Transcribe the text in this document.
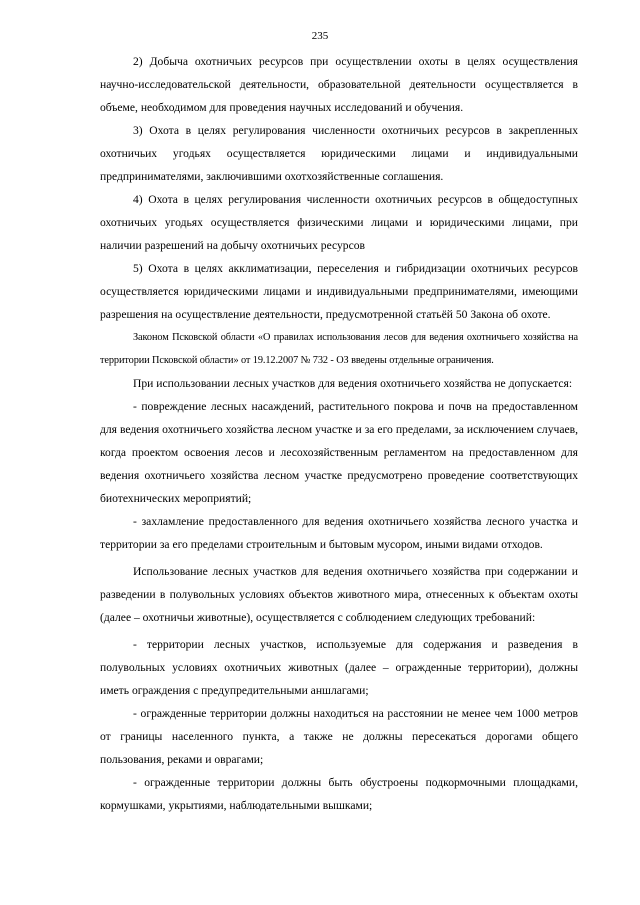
235

2) Добыча охотничьих ресурсов при осуществлении охоты в целях осуществления научно-исследовательской деятельности, образовательной деятельности осуществляется в объеме, необходимом для проведения научных исследований и обучения.

3) Охота в целях регулирования численности охотничьих ресурсов в закрепленных охотничьих угодьях осуществляется юридическими лицами и индивидуальными предпринимателями, заключившими охотхозяйственные соглашения.

4) Охота в целях регулирования численности охотничьих ресурсов в общедоступных охотничьих угодьях осуществляется физическими лицами и юридическими лицами, при наличии разрешений на добычу охотничьих ресурсов

5) Охота в целях акклиматизации, переселения и гибридизации охотничьих ресурсов осуществляется юридическими лицами и индивидуальными предпринимателями, имеющими разрешения на осуществление деятельности, предусмотренной статьёй 50 Закона об охоте.

Законом Псковской области «О правилах использования лесов для ведения охотничьего хозяйства на территории Псковской области» от 19.12.2007 № 732 - ОЗ введены отдельные ограничения.

При использовании лесных участков для ведения охотничьего хозяйства не допускается:

- повреждение лесных насаждений, растительного покрова и почв на предоставленном для ведения охотничьего хозяйства лесном участке и за его пределами, за исключением случаев, когда проектом освоения лесов и лесохозяйственным регламентом на предоставленном для ведения охотничьего хозяйства лесном участке предусмотрено проведение соответствующих биотехнических мероприятий;

- захламление предоставленного для ведения охотничьего хозяйства лесного участка и территории за его пределами строительным и бытовым мусором, иными видами отходов.

Использование лесных участков для ведения охотничьего хозяйства при содержании и разведении в полувольных условиях объектов животного мира, отнесенных к объектам охоты (далее – охотничьи животные), осуществляется с соблюдением следующих требований:

- территории лесных участков, используемые для содержания и разведения в полувольных условиях охотничьих животных (далее – огражденные территории), должны иметь ограждения с предупредительными аншлагами;

- огражденные территории должны находиться на расстоянии не менее чем 1000 метров от границы населенного пункта, а также не должны пересекаться дорогами общего пользования, реками и оврагами;

- огражденные территории должны быть обустроены подкормочными площадками, кормушками, укрытиями, наблюдательными вышками;
